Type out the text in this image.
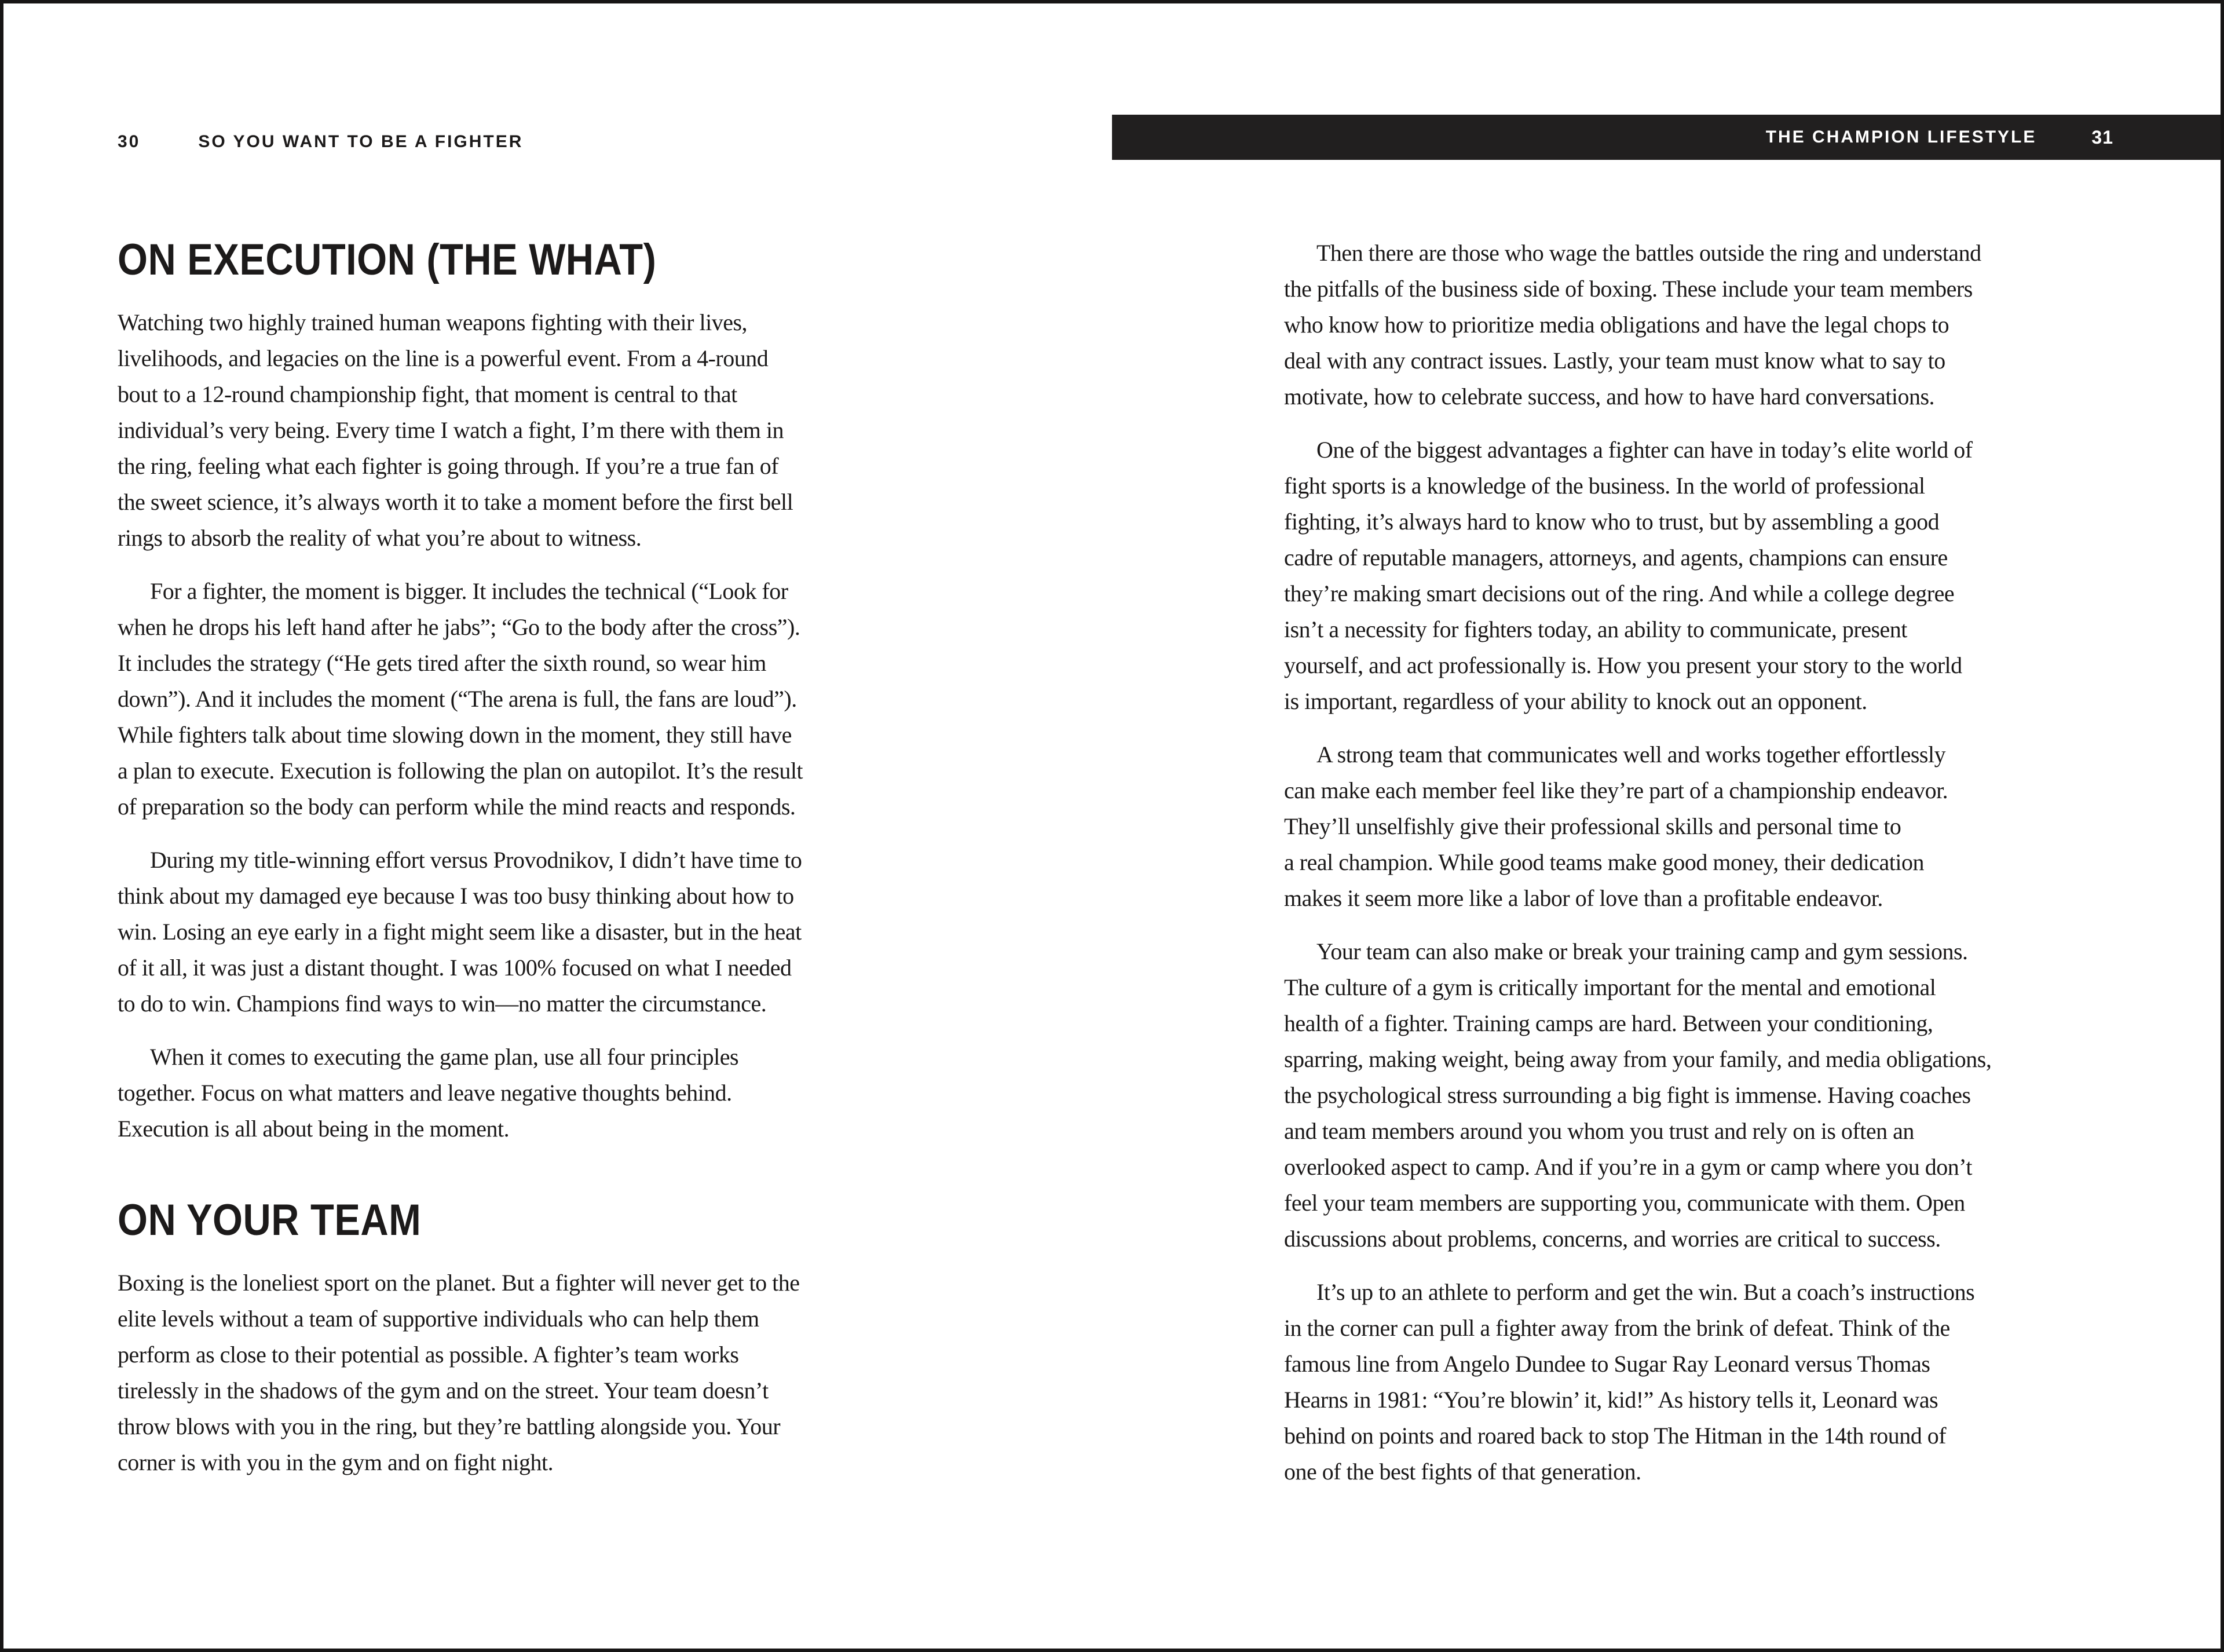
30	SO YOU WANT TO BE A FIGHTER
ON EXECUTION (THE WHAT)
Watching two highly trained human weapons fighting with their lives,
livelihoods, and legacies on the line is a powerful event. From a 4-round
bout to a 12-round championship fight, that moment is central to that
individual’s very being. Every time I watch a fight, I’m there with them in
the ring, feeling what each fighter is going through. If you’re a true fan of
the sweet science, it’s always worth it to take a moment before the first bell
rings to absorb the reality of what you’re about to witness.
For a fighter, the moment is bigger. It includes the technical (“Look for
when he drops his left hand after he jabs”; “Go to the body after the cross”).
It includes the strategy (“He gets tired after the sixth round, so wear him
down”). And it includes the moment (“The arena is full, the fans are loud”).
While fighters talk about time slowing down in the moment, they still have
a plan to execute. Execution is following the plan on autopilot. It’s the result
of preparation so the body can perform while the mind reacts and responds.
During my title-winning effort versus Provodnikov, I didn’t have time to
think about my damaged eye because I was too busy thinking about how to
win. Losing an eye early in a fight might seem like a disaster, but in the heat
of it all, it was just a distant thought. I was 100% focused on what I needed
to do to win. Champions find ways to win—no matter the circumstance.
When it comes to executing the game plan, use all four principles
together. Focus on what matters and leave negative thoughts behind.
Execution is all about being in the moment.
ON YOUR TEAM
Boxing is the loneliest sport on the planet. But a fighter will never get to the
elite levels without a team of supportive individuals who can help them
perform as close to their potential as possible. A fighter’s team works
tirelessly in the shadows of the gym and on the street. Your team doesn’t
throw blows with you in the ring, but they’re battling alongside you. Your
corner is with you in the gym and on fight night.
THE CHAMPION LIFESTYLE	31
Then there are those who wage the battles outside the ring and understand
the pitfalls of the business side of boxing. These include your team members
who know how to prioritize media obligations and have the legal chops to
deal with any contract issues. Lastly, your team must know what to say to
motivate, how to celebrate success, and how to have hard conversations.
One of the biggest advantages a fighter can have in today’s elite world of
fight sports is a knowledge of the business. In the world of professional
fighting, it’s always hard to know who to trust, but by assembling a good
cadre of reputable managers, attorneys, and agents, champions can ensure
they’re making smart decisions out of the ring. And while a college degree
isn’t a necessity for fighters today, an ability to communicate, present
yourself, and act professionally is. How you present your story to the world
is important, regardless of your ability to knock out an opponent.
A strong team that communicates well and works together effortlessly
can make each member feel like they’re part of a championship endeavor.
They’ll unselfishly give their professional skills and personal time to
a real champion. While good teams make good money, their dedication
makes it seem more like a labor of love than a profitable endeavor.
Your team can also make or break your training camp and gym sessions.
The culture of a gym is critically important for the mental and emotional
health of a fighter. Training camps are hard. Between your conditioning,
sparring, making weight, being away from your family, and media obligations,
the psychological stress surrounding a big fight is immense. Having coaches
and team members around you whom you trust and rely on is often an
overlooked aspect to camp. And if you’re in a gym or camp where you don’t
feel your team members are supporting you, communicate with them. Open
discussions about problems, concerns, and worries are critical to success.
It’s up to an athlete to perform and get the win. But a coach’s instructions
in the corner can pull a fighter away from the brink of defeat. Think of the
famous line from Angelo Dundee to Sugar Ray Leonard versus Thomas
Hearns in 1981: “You’re blowin’ it, kid!” As history tells it, Leonard was
behind on points and roared back to stop The Hitman in the 14th round of
one of the best fights of that generation.
